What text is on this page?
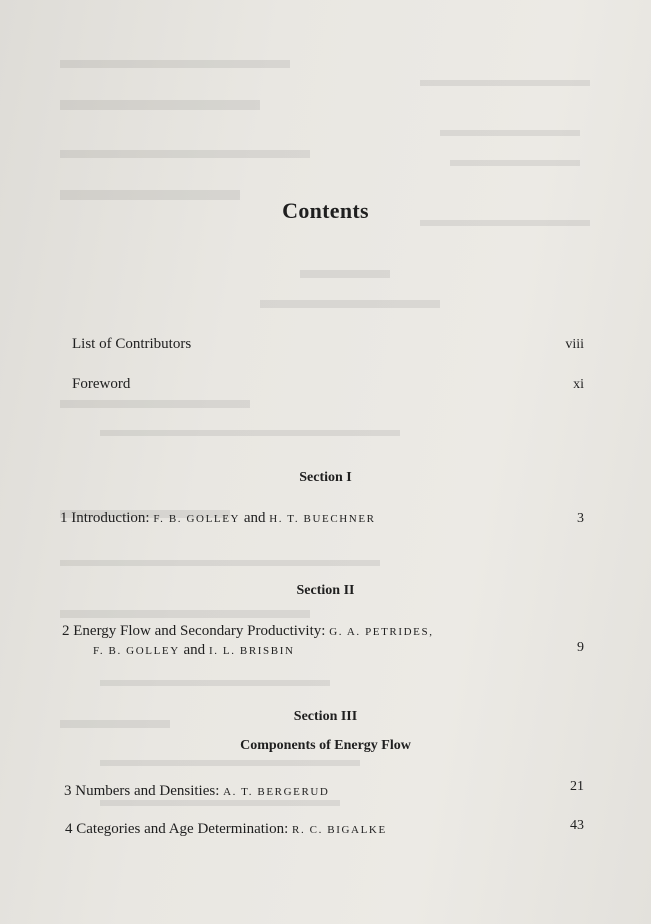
Contents
List of Contributors	viii
Foreword	xi
Section I
1 Introduction: F. B. GOLLEY and H. T. BUECHNER	3
Section II
2 Energy Flow and Secondary Productivity: G. A. PETRIDES,
F. B. GOLLEY and I. L. BRISBIN	9
Section III
Components of Energy Flow
3 Numbers and Densities: A. T. BERGERUD	21
4 Categories and Age Determination: R. C. BIGALKE	43
